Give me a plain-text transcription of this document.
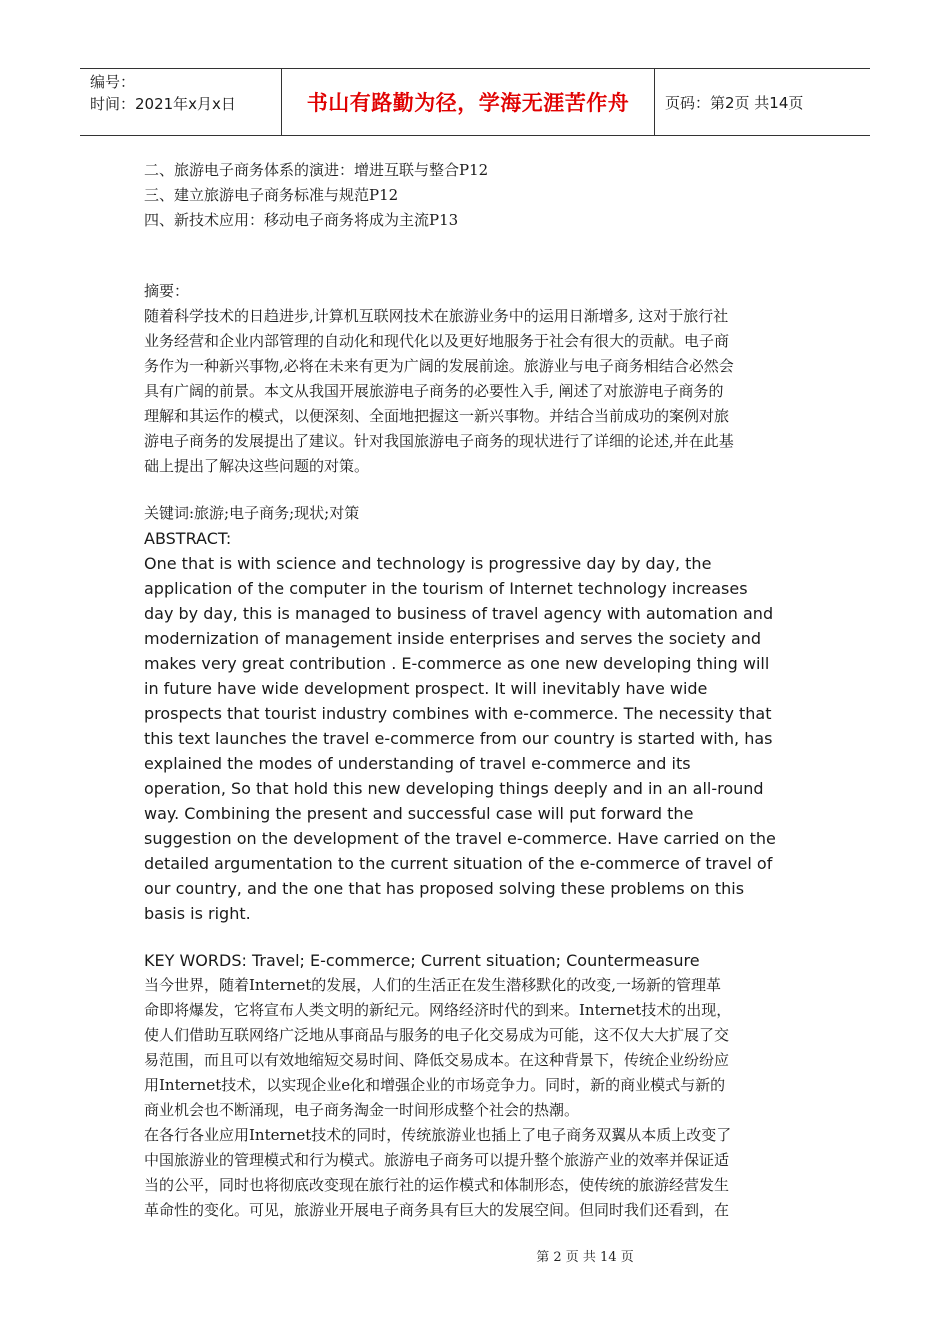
编号：
时间：2021年x月x日	书山有路勤为径，学海无涯苦作舟	页码：第2页 共14页

二、旅游电子商务体系的演进：增进互联与整合P12

三、建立旅游电子商务标准与规范P12

四、新技术应用：移动电子商务将成为主流P13

摘要：

随着科学技术的日趋进步,计算机互联网技术在旅游业务中的运用日渐增多, 这对于旅行社

业务经营和企业内部管理的自动化和现代化以及更好地服务于社会有很大的贡献。电子商

务作为一种新兴事物,必将在未来有更为广阔的发展前途。旅游业与电子商务相结合必然会

具有广阔的前景。本文从我国开展旅游电子商务的必要性入手, 阐述了对旅游电子商务的

理解和其运作的模式，以便深刻、全面地把握这一新兴事物。并结合当前成功的案例对旅

游电子商务的发展提出了建议。针对我国旅游电子商务的现状进行了详细的论述,并在此基

础上提出了解决这些问题的对策。

关键词:旅游;电子商务;现状;对策

ABSTRACT:

One that is with science and technology is progressive day by day, the

application of the computer in the tourism of Internet technology increases

day by day, this is managed to business of travel agency with automation and

modernization of management inside enterprises and serves the society and

makes very great contribution . E-commerce as one new developing thing will

in future have wide development prospect. It will inevitably have wide

prospects that tourist industry combines with e-commerce. The necessity that

this text launches the travel e-commerce from our country is started with, has

explained the modes of understanding of travel e-commerce and its

operation, So that hold this new developing things deeply and in an all-round

way. Combining the present and successful case will put forward the

suggestion on the development of the travel e-commerce. Have carried on the

detailed argumentation to the current situation of the e-commerce of travel of

our country, and the one that has proposed solving these problems on this

basis is right.

KEY WORDS: Travel; E-commerce; Current situation; Countermeasure

当今世界，随着Internet的发展，人们的生活正在发生潜移默化的改变,一场新的管理革

命即将爆发，它将宣布人类文明的新纪元。网络经济时代的到来。Internet技术的出现，

使人们借助互联网络广泛地从事商品与服务的电子化交易成为可能，这不仅大大扩展了交

易范围，而且可以有效地缩短交易时间、降低交易成本。在这种背景下，传统企业纷纷应

用Internet技术，以实现企业e化和增强企业的市场竞争力。同时，新的商业模式与新的

商业机会也不断涌现，电子商务淘金一时间形成整个社会的热潮。

在各行各业应用Internet技术的同时，传统旅游业也插上了电子商务双翼从本质上改变了

中国旅游业的管理模式和行为模式。旅游电子商务可以提升整个旅游产业的效率并保证适

当的公平，同时也将彻底改变现在旅行社的运作模式和体制形态，使传统的旅游经营发生

革命性的变化。可见，旅游业开展电子商务具有巨大的发展空间。但同时我们还看到，在

第 2 页 共 14 页
